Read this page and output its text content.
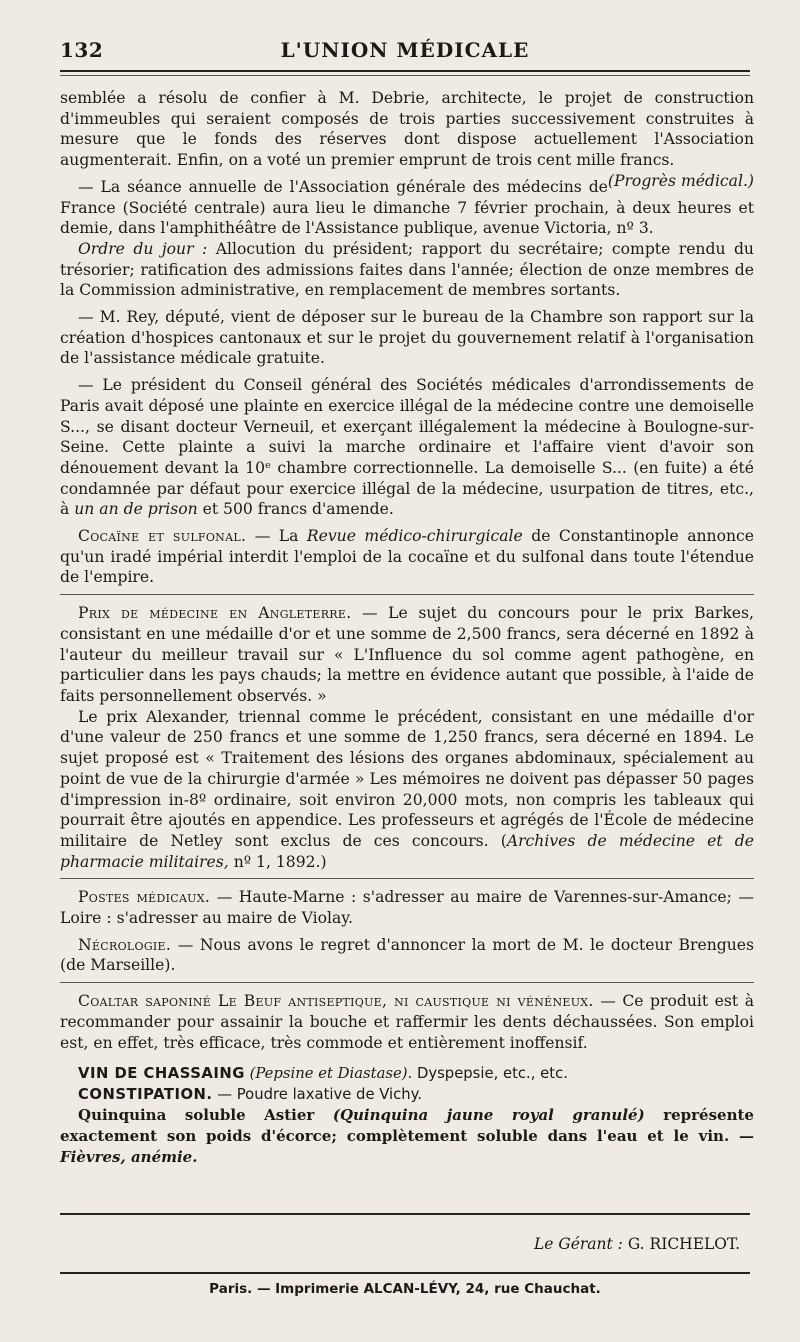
132	L'UNION MÉDICALE

semblée a résolu de confier à M. Debrie, architecte, le projet de construction d'immeubles qui seraient composés de trois parties successivement construites à mesure que le fonds des réserves dont dispose actuellement l'Association augmenterait. Enfin, on a voté un premier emprunt de trois cent mille francs.
(Progrès médical.)

— La séance annuelle de l'Association générale des médecins de France (Société centrale) aura lieu le dimanche 7 février prochain, à deux heures et demie, dans l'amphithéâtre de l'Assistance publique, avenue Victoria, nº 3.

Ordre du jour : Allocution du président; rapport du secrétaire; compte rendu du trésorier; ratification des admissions faites dans l'année; élection de onze membres de la Commission administrative, en remplacement de membres sortants.

— M. Rey, député, vient de déposer sur le bureau de la Chambre son rapport sur la création d'hospices cantonaux et sur le projet du gouvernement relatif à l'organisation de l'assistance médicale gratuite.

— Le président du Conseil général des Sociétés médicales d'arrondissements de Paris avait déposé une plainte en exercice illégal de la médecine contre une demoiselle S..., se disant docteur Verneuil, et exerçant illégalement la médecine à Boulogne-sur-Seine. Cette plainte a suivi la marche ordinaire et l'affaire vient d'avoir son dénouement devant la 10ᵉ chambre correctionnelle. La demoiselle S... (en fuite) a été condamnée par défaut pour exercice illégal de la médecine, usurpation de titres, etc., à un an de prison et 500 francs d'amende.

Cocaïne et sulfonal. — La Revue médico-chirurgicale de Constantinople annonce qu'un iradé impérial interdit l'emploi de la cocaïne et du sulfonal dans toute l'étendue de l'empire.

Prix de médecine en Angleterre. — Le sujet du concours pour le prix Barkes, consistant en une médaille d'or et une somme de 2,500 francs, sera décerné en 1892 à l'auteur du meilleur travail sur « L'Influence du sol comme agent pathogène, en particulier dans les pays chauds; la mettre en évidence autant que possible, à l'aide de faits personnellement observés. »

Le prix Alexander, triennal comme le précédent, consistant en une médaille d'or d'une valeur de 250 francs et une somme de 1,250 francs, sera décerné en 1894. Le sujet proposé est « Traitement des lésions des organes abdominaux, spécialement au point de vue de la chirurgie d'armée » Les mémoires ne doivent pas dépasser 50 pages d'impression in-8º ordinaire, soit environ 20,000 mots, non compris les tableaux qui pourrait être ajoutés en appendice. Les professeurs et agrégés de l'École de médecine militaire de Netley sont exclus de ces concours. (Archives de médecine et de pharmacie militaires, nº 1, 1892.)

Postes médicaux. — Haute-Marne : s'adresser au maire de Varennes-sur-Amance; — Loire : s'adresser au maire de Violay.

Nécrologie. — Nous avons le regret d'annoncer la mort de M. le docteur Brengues (de Marseille).

Coaltar saponiné Le Beuf antiseptique, ni caustique ni vénéneux. — Ce produit est à recommander pour assainir la bouche et raffermir les dents déchaussées. Son emploi est, en effet, très efficace, très commode et entièrement inoffensif.

VIN DE CHASSAING (Pepsine et Diastase). Dyspepsie, etc., etc.

CONSTIPATION. — Poudre laxative de Vichy.

Quinquina soluble Astier (Quinquina jaune royal granulé) représente exactement son poids d'écorce; complètement soluble dans l'eau et le vin. — Fièvres, anémie.

Le Gérant : G. RICHELOT.
Paris. — Imprimerie ALCAN-LÉVY, 24, rue Chauchat.
